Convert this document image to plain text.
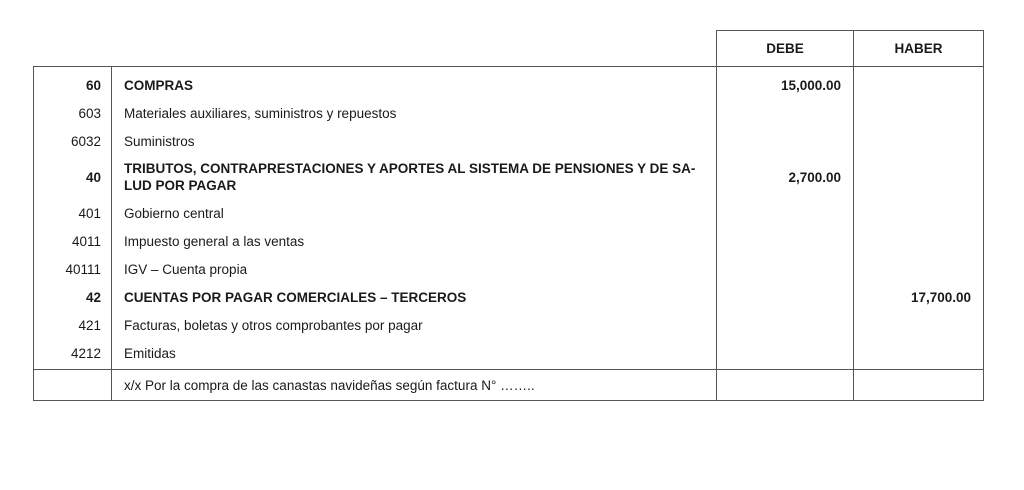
		DEBE	HABER
60	COMPRAS	15,000.00	
603	Materiales auxiliares, suministros y repuestos		
6032	Suministros		
40	TRIBUTOS, CONTRAPRESTACIONES Y APORTES AL SISTEMA DE PENSIONES Y DE SA-LUD POR PAGAR	2,700.00	
401	Gobierno central		
4011	Impuesto general a las ventas		
40111	IGV – Cuenta propia		
42	CUENTAS POR PAGAR COMERCIALES – TERCEROS		17,700.00
421	Facturas, boletas y otros comprobantes por pagar		
4212	Emitidas		
	x/x Por la compra de las canastas navideñas según factura N° ……..		
